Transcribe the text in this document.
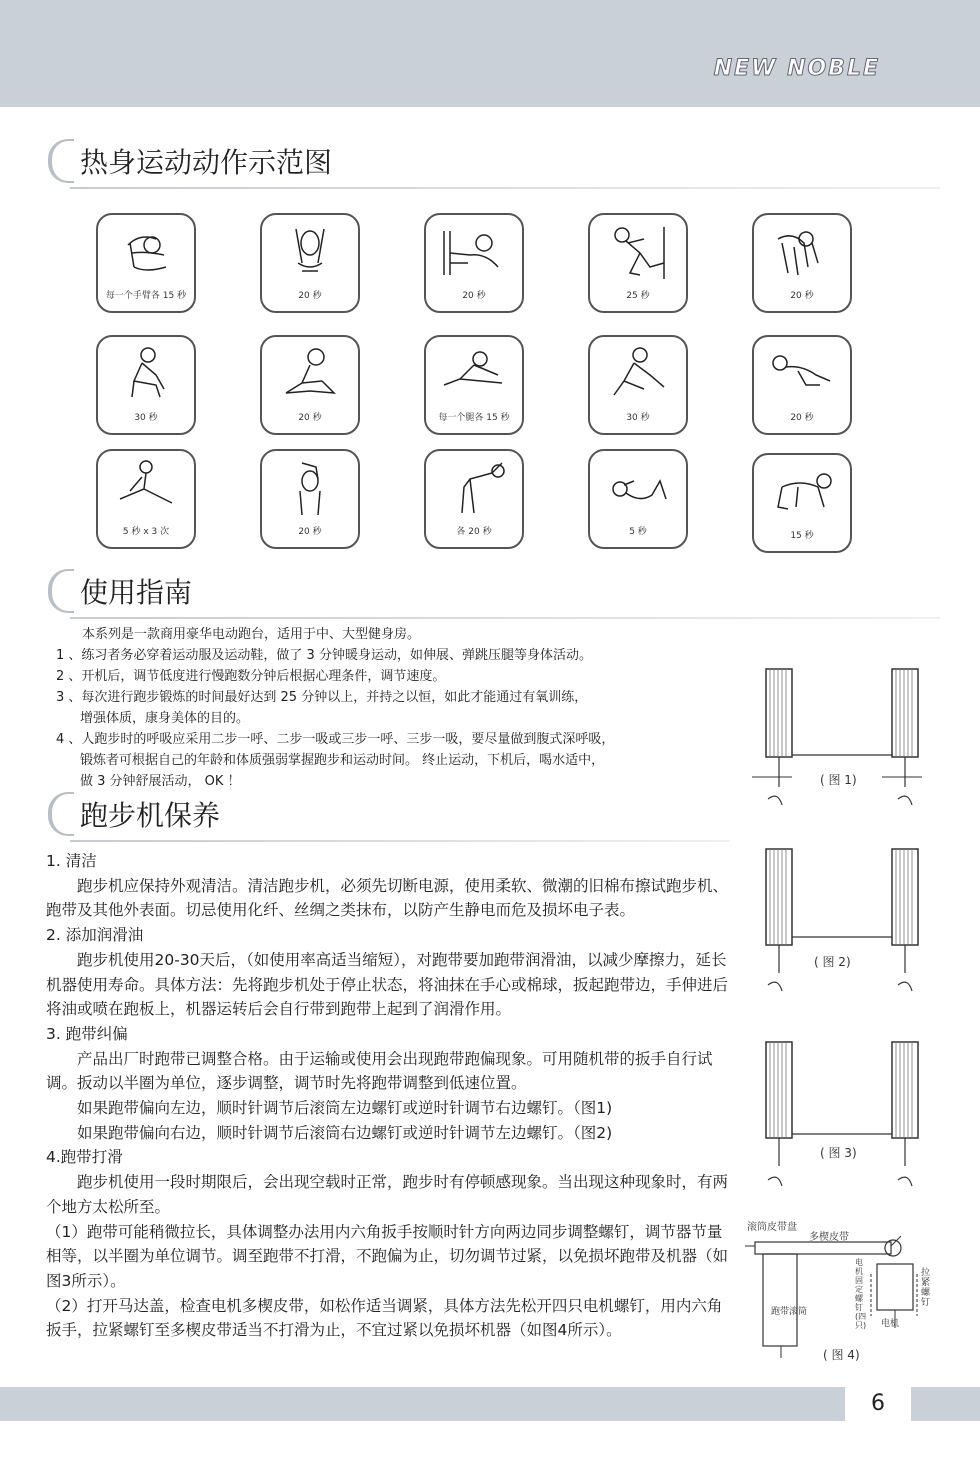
NEW NOBLE
热身运动动作示范图
每一个手臂各 15 秒	20 秒	20 秒	25 秒	20 秒
30 秒	20 秒	每一个腿各 15 秒	30 秒	20 秒
5 秒 x 3 次	20 秒	各 20 秒	5 秒	15 秒
使用指南

本系列是一款商用豪华电动跑台，适用于中、大型健身房。

1 、练习者务必穿着运动服及运动鞋，做了 3 分钟暖身运动，如伸展、弹跳压腿等身体活动。

2 、开机后，调节低度进行慢跑数分钟后根据心理条件，调节速度。

3 、每次进行跑步锻炼的时间最好达到 25 分钟以上，并持之以恒，如此才能通过有氧训练，

增强体质，康身美体的目的。

4 、人跑步时的呼吸应采用二步一呼、二步一吸或三步一呼、三步一吸，要尽量做到腹式深呼吸，

锻炼者可根据自己的年龄和体质强弱掌握跑步和运动时间。 终止运动，下机后，喝水适中，

做 3 分钟舒展活动， OK ！

跑步机保养

1. 清洁

跑步机应保持外观清洁。清洁跑步机，必须先切断电源，使用柔软、微潮的旧棉布擦试跑步机、跑带及其他外表面。切忌使用化纤、丝绸之类抹布，以防产生静电而危及损坏电子表。

2. 添加润滑油

跑步机使用20-30天后，（如使用率高适当缩短），对跑带要加跑带润滑油，以减少摩擦力，延长机器使用寿命。具体方法：先将跑步机处于停止状态，将油抹在手心或棉球，扳起跑带边，手伸进后将油或喷在跑板上，机器运转后会自行带到跑带上起到了润滑作用。

3. 跑带纠偏

产品出厂时跑带已调整合格。由于运输或使用会出现跑带跑偏现象。可用随机带的扳手自行试调。扳动以半圈为单位，逐步调整，调节时先将跑带调整到低速位置。

如果跑带偏向左边，顺时针调节后滚筒左边螺钉或逆时针调节右边螺钉。（图1)

如果跑带偏向右边，顺时针调节后滚筒右边螺钉或逆时针调节左边螺钉。（图2)

4.跑带打滑

跑步机使用一段时期限后，会出现空载时正常，跑步时有停顿感现象。当出现这种现象时，有两个地方太松所至。

（1）跑带可能稍微拉长，具体调整办法用内六角扳手按顺时针方向两边同步调整螺钉，调节器节量相等，以半圈为单位调节。调至跑带不打滑，不跑偏为止，切勿调节过紧，以免损坏跑带及机器（如图3所示）。

（2）打开马达盖，检查电机多楔皮带，如松作适当调紧，具体方法先松开四只电机螺钉，用内六角扳手，拉紧螺钉至多楔皮带适当不打滑为止，不宜过紧以免损坏机器（如图4所示）。

( 图 1)
( 图 2)
( 图 3)
滚筒皮带盘
多楔皮带
跑带滚筒
电机固定螺钉(四只)
拉紧螺钉
电机
( 图 4)
6
